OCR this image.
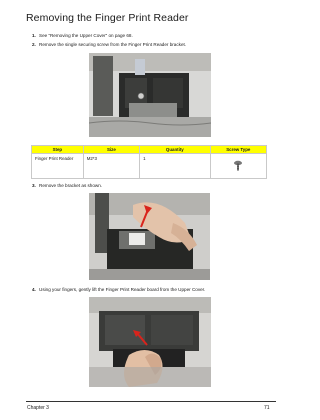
Removing the Finger Print Reader
1. See “Removing the Upper Cover” on page 68.
2. Remove the single securing screw from the Finger Print Reader bracket.
Step	Size	Quantity	Screw Type
Finger Print Reader	M2*3	1	
3. Remove the bracket as shown.
4. Using your fingers, gently lift the Finger Print Reader board from the Upper Cover.
Chapter 3	71
